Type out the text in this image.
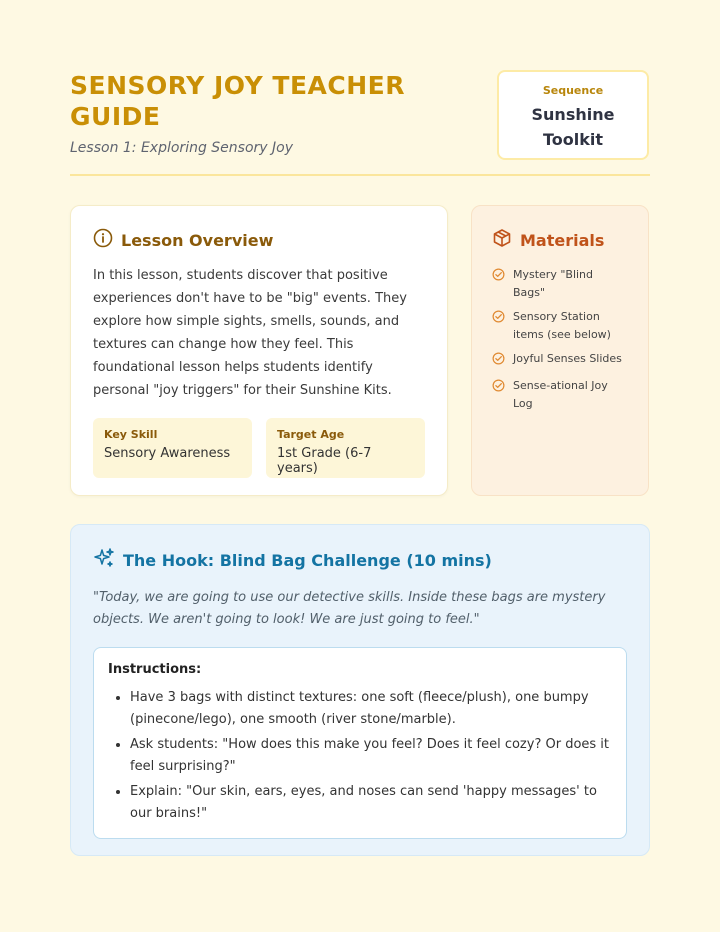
SENSORY JOY TEACHER GUIDE
Lesson 1: Exploring Sensory Joy
Sequence
Sunshine Toolkit
Lesson Overview

In this lesson, students discover that positive experiences don't have to be "big" events. They explore how simple sights, smells, sounds, and textures can change how they feel. This foundational lesson helps students identify personal "joy triggers" for their Sunshine Kits.

Key Skill
Sensory Awareness
Target Age
1st Grade (6-7 years)
Materials
Mystery "Blind Bags"
Sensory Station items (see below)
Joyful Senses Slides
Sense-ational Joy Log
The Hook: Blind Bag Challenge (10 mins)

"Today, we are going to use our detective skills. Inside these bags are mystery objects. We aren't going to look! We are just going to feel."

Instructions:
• Have 3 bags with distinct textures: one soft (fleece/plush), one bumpy (pinecone/lego), one smooth (river stone/marble).
• Ask students: "How does this make you feel? Does it feel cozy? Or does it feel surprising?"
• Explain: "Our skin, ears, eyes, and noses can send 'happy messages' to our brains!"
